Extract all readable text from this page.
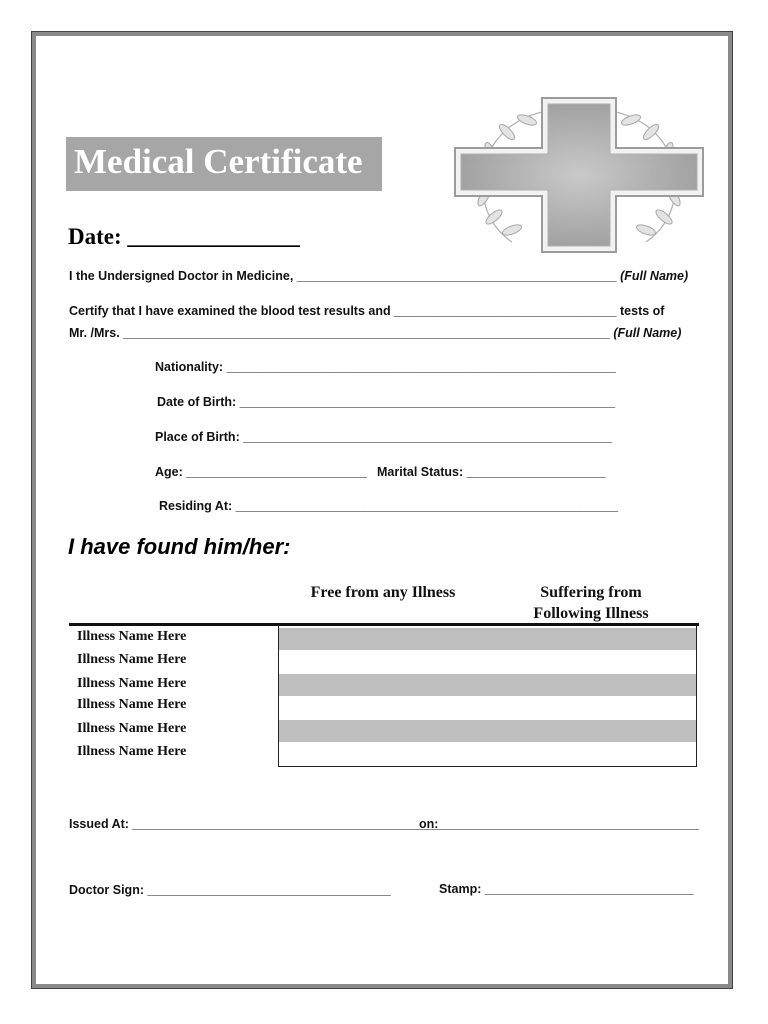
Medical Certificate
Date: _______________
I the Undersigned Doctor in Medicine, ______________________________________________ (Full Name)
Certify that I have examined the blood test results and ________________________________ tests of
Mr. /Mrs. ______________________________________________________________________ (Full Name)
Nationality: ________________________________________________________
Date of Birth: ______________________________________________________
Place of Birth: _____________________________________________________
Age: __________________________ Marital Status: ____________________
Residing At: _______________________________________________________
I have found him/her:
Free from any Illness	Suffering from
Following Illness
Illness Name Here
Illness Name Here
Illness Name Here
Illness Name Here
Illness Name Here
Illness Name Here
Issued At: _____________________________________________
on: _____________________________________
Doctor Sign: ___________________________________	Stamp: ______________________________
